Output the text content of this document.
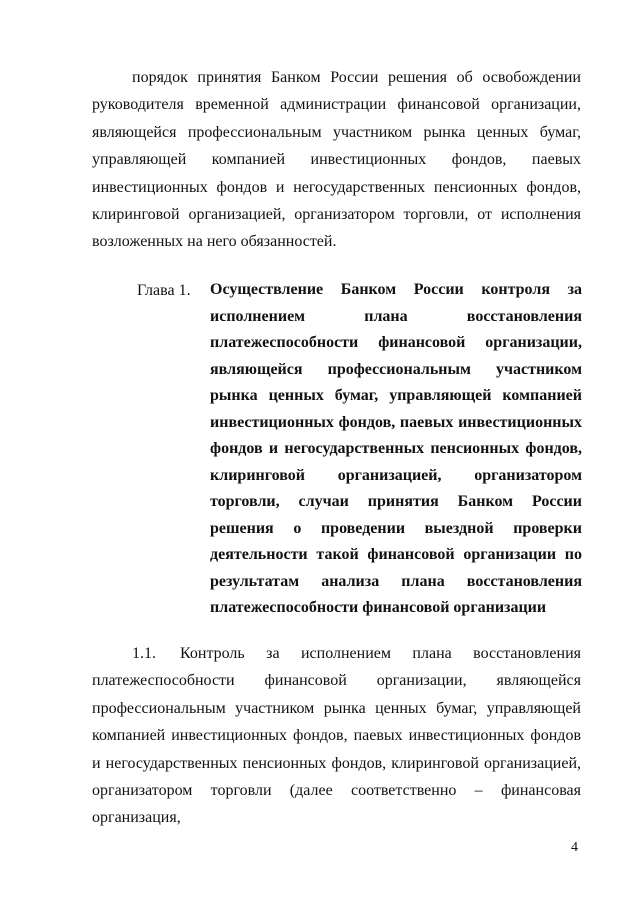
порядок принятия Банком России решения об освобождении руководителя временной администрации финансовой организации, являющейся профессиональным участником рынка ценных бумаг, управляющей компанией инвестиционных фондов, паевых инвестиционных фондов и негосударственных пенсионных фондов, клиринговой организацией, организатором торговли, от исполнения возложенных на него обязанностей.

Глава 1. Осуществление Банком России контроля за исполнением плана восстановления платежеспособности финансовой организации, являющейся профессиональным участником рынка ценных бумаг, управляющей компанией инвестиционных фондов, паевых инвестиционных фондов и негосударственных пенсионных фондов, клиринговой организацией, организатором торговли, случаи принятия Банком России решения о проведении выездной проверки деятельности такой финансовой организации по результатам анализа плана восстановления платежеспособности финансовой организации

1.1. Контроль за исполнением плана восстановления платежеспособности финансовой организации, являющейся профессиональным участником рынка ценных бумаг, управляющей компанией инвестиционных фондов, паевых инвестиционных фондов и негосударственных пенсионных фондов, клиринговой организацией, организатором торговли (далее соответственно – финансовая организация,

4
